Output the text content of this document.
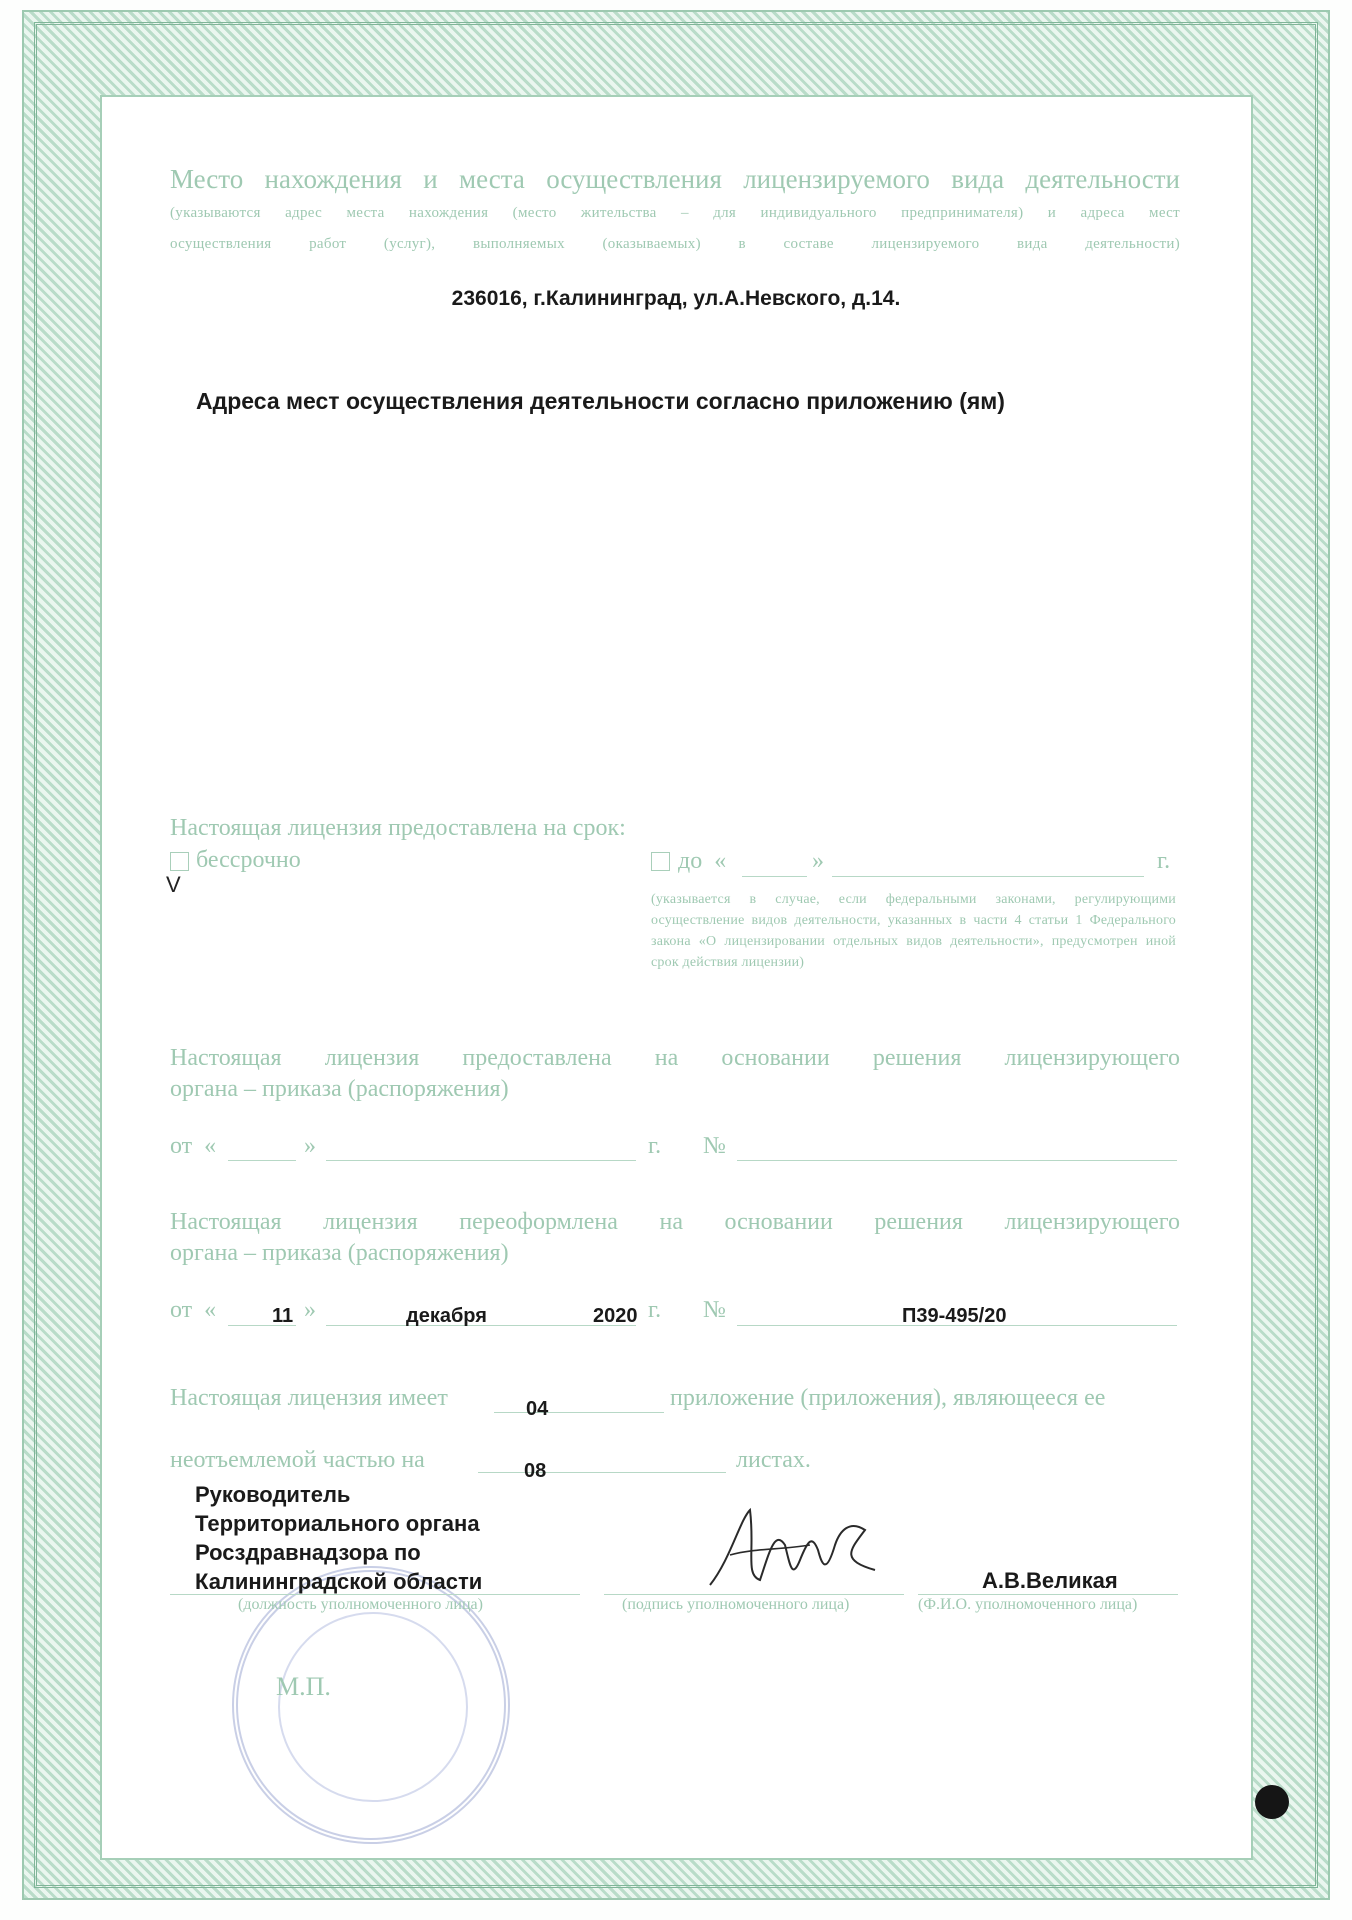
Место нахождения и места осуществления лицензируемого вида деятельности
(указываются адрес места нахождения (место жительства – для индивидуального предпринимателя) и адреса мест
осуществления работ (услуг), выполняемых (оказываемых) в составе лицензируемого вида деятельности)
236016, г.Калининград, ул.А.Невского, д.14.
Адреса мест осуществления деятельности согласно приложению (ям)
Настоящая лицензия предоставлена на срок:
V
бессрочно	до «	»	г.
(указывается в случае, если федеральными законами, регулирующими осуществление видов деятельности, указанных в части 4 статьи 1 Федерального закона «О лицензировании отдельных видов деятельности», предусмотрен иной срок действия лицензии)
Настоящая лицензия предоставлена на основании решения лицензирующего
органа – приказа (распоряжения)
от «	»	г. №
Настоящая лицензия переоформлена на основании решения лицензирующего
органа – приказа (распоряжения)
от «	11 »	декабря	2020 г. №	П39-495/20
Настоящая лицензия имеет	04	приложение (приложения), являющееся ее
неотъемлемой частью на	08	листах.
М.П.
Руководитель
Территориального органа
Росздравнадзора по
Калининградской области
(должность уполномоченного лица)	(подпись уполномоченного лица)
А.В.Великая
(Ф.И.О. уполномоченного лица)
